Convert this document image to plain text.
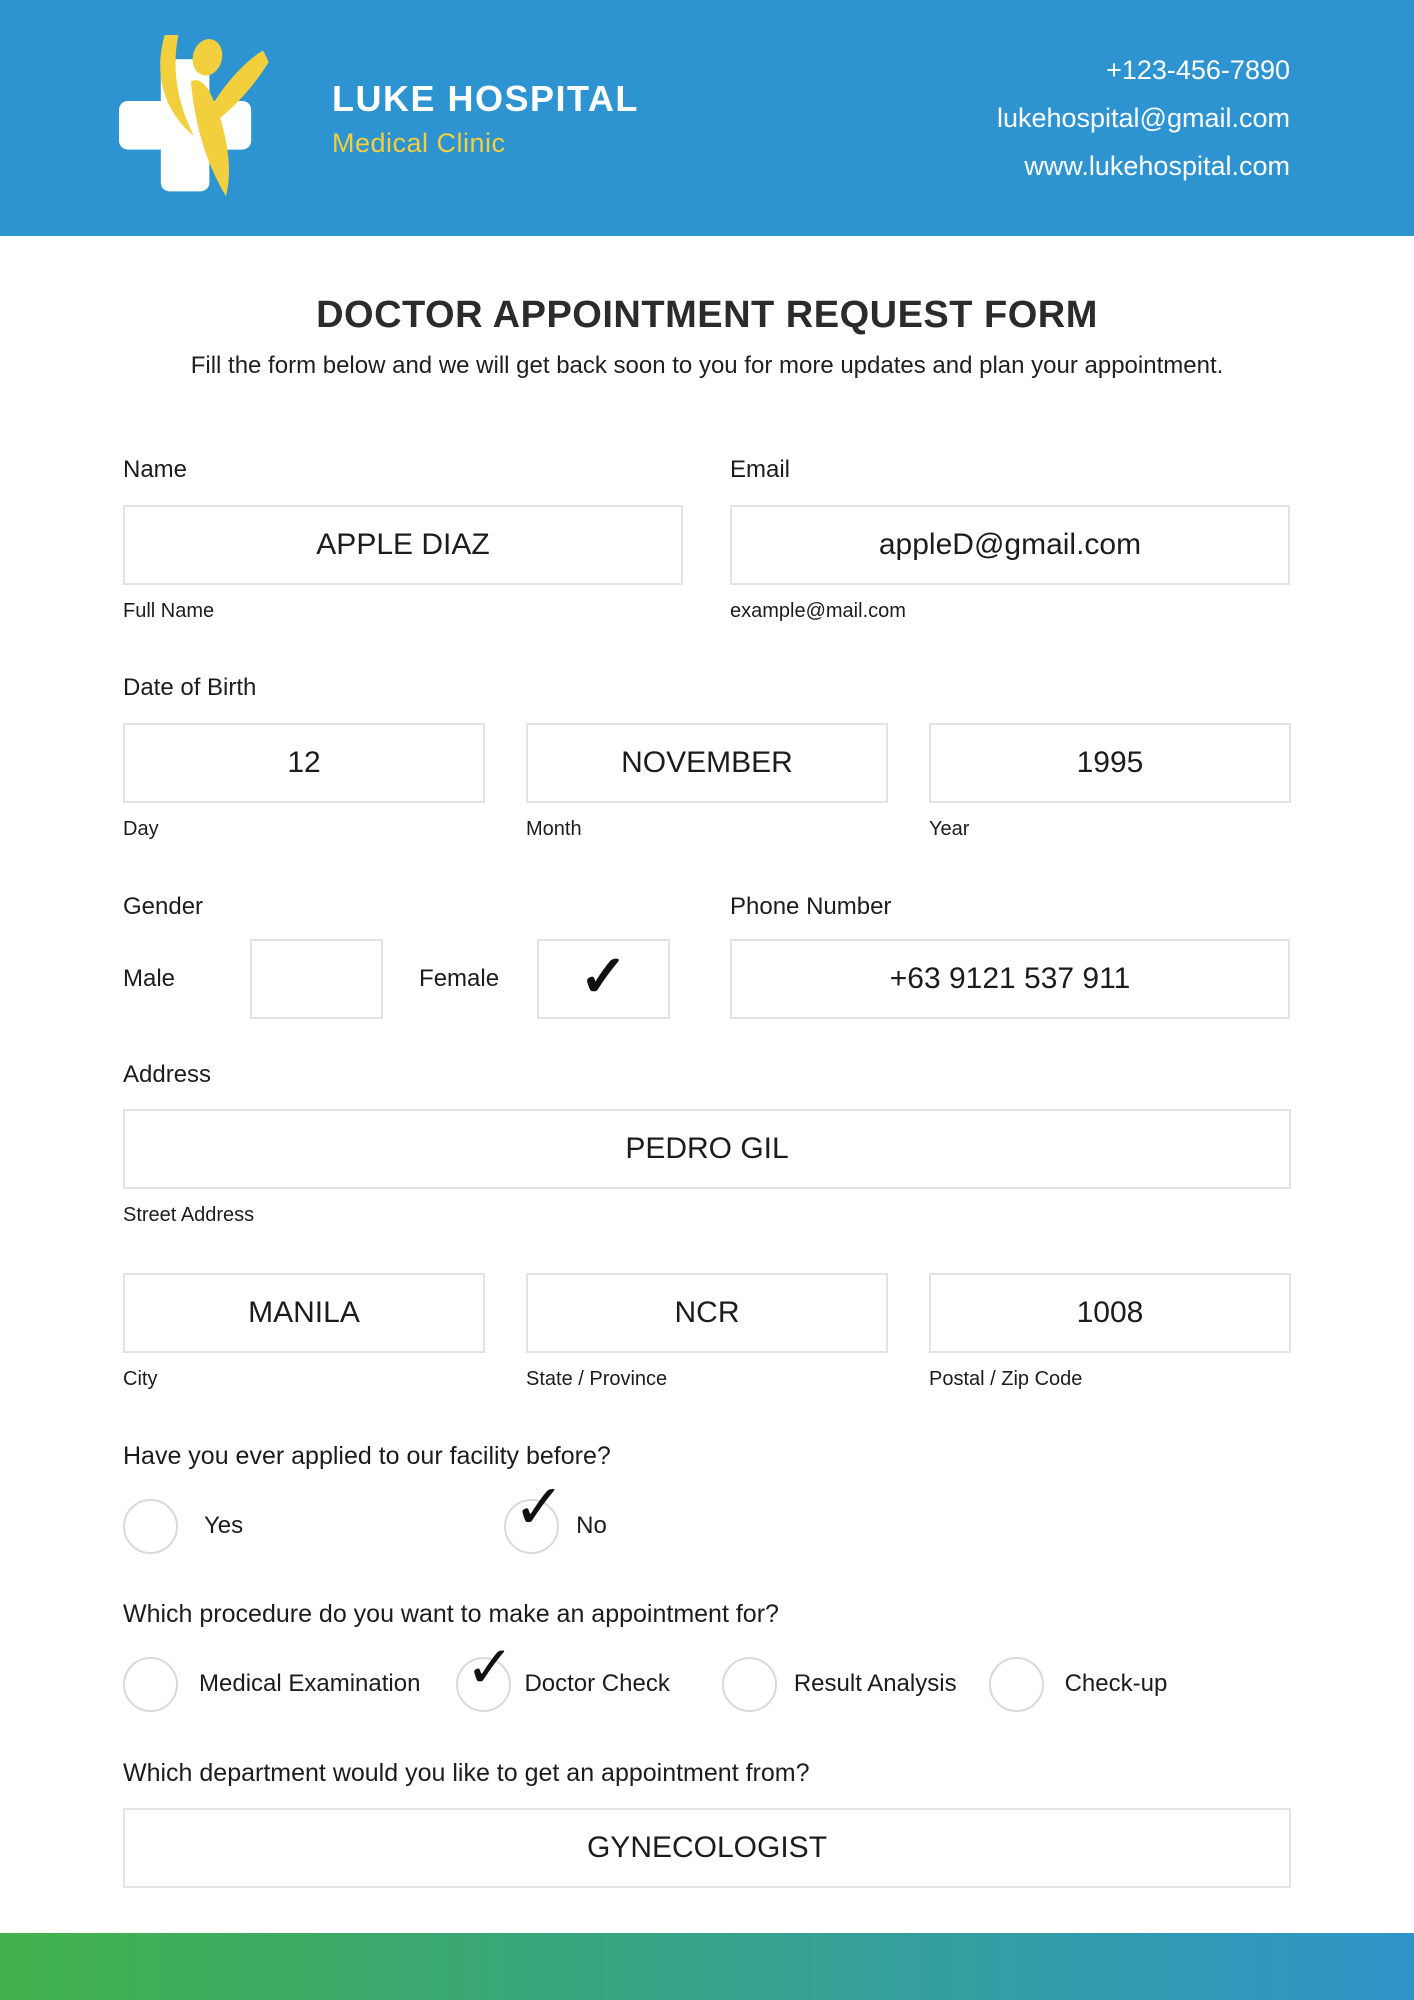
LUKE HOSPITAL
Medical Clinic
+123-456-7890
lukehospital@gmail.com
www.lukehospital.com
DOCTOR APPOINTMENT REQUEST FORM
Fill the form below and we will get back soon to you for more updates and plan your appointment.
Name
APPLE DIAZ
Full Name
Email
appleD@gmail.com
example@mail.com
Date of Birth
12
Day
NOVEMBER
Month
1995
Year
Gender
Male	Female ✓
Phone Number
+63 9121 537 911
Address
PEDRO GIL
Street Address
MANILA
City
NCR
State / Province
1008
Postal / Zip Code
Have you ever applied to our facility before?
Yes	✓ No
Which procedure do you want to make an appointment for?
Medical Examination ✓ Doctor Check	Result Analysis	Check-up
Which department would you like to get an appointment from?
GYNECOLOGIST
